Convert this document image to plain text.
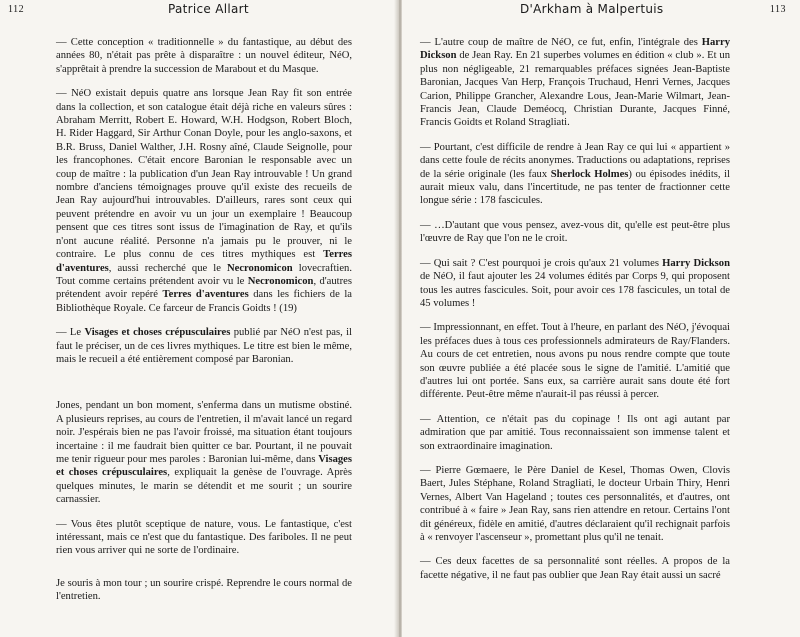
112	Patrice Allart

— Cette conception « traditionnelle » du fantastique, au début des années 80, n'était pas prête à disparaître : un nouvel éditeur, NéO, s'apprêtait à prendre la succession de Marabout et du Masque.

— NéO existait depuis quatre ans lorsque Jean Ray fit son entrée dans la collection, et son catalogue était déjà riche en valeurs sûres : Abraham Merritt, Robert E. Howard, W.H. Hodgson, Robert Bloch, H. Rider Haggard, Sir Arthur Conan Doyle, pour les anglo-saxons, et B.R. Bruss, Daniel Walther, J.H. Rosny aîné, Claude Seignolle, pour les francophones. C'était encore Baronian le responsable avec un coup de maître : la publication d'un Jean Ray introuvable ! Un grand nombre d'anciens témoignages prouve qu'il existe des recueils de Jean Ray aujourd'hui introuvables. D'ailleurs, rares sont ceux qui peuvent prétendre en avoir vu un jour un exemplaire ! Beaucoup pensent que ces titres sont issus de l'imagination de Ray, et qu'ils n'ont aucune réalité. Personne n'a jamais pu le prouver, ni le contraire. Le plus connu de ces titres mythiques est Terres d'aventures, aussi recherché que le Necronomicon lovecraftien. Tout comme certains prétendent avoir vu le Necronomicon, d'autres prétendent avoir repéré Terres d'aventures dans les fichiers de la Bibliothèque Royale. Ce farceur de Francis Goidts ! (19)

— Le Visages et choses crépusculaires publié par NéO n'est pas, il faut le préciser, un de ces livres mythiques. Le titre est bien le même, mais le recueil a été entièrement composé par Baronian.

Jones, pendant un bon moment, s'enferma dans un mutisme obstiné. A plusieurs reprises, au cours de l'entretien, il m'avait lancé un regard noir. J'espérais bien ne pas l'avoir froissé, ma situation étant toujours incertaine : il me faudrait bien quitter ce bar. Pourtant, il ne pouvait me tenir rigueur pour mes paroles : Baronian lui-même, dans Visages et choses crépusculaires, expliquait la genèse de l'ouvrage. Après quelques minutes, le marin se détendit et me sourit ; un sourire carnassier.

— Vous êtes plutôt sceptique de nature, vous. Le fantastique, c'est intéressant, mais ce n'est que du fantastique. Des fariboles. Il ne peut rien vous arriver qui ne sorte de l'ordinaire.

Je souris à mon tour ; un sourire crispé. Reprendre le cours normal de l'entretien.

D'Arkham à Malpertuis	113

— L'autre coup de maître de NéO, ce fut, enfin, l'intégrale des Harry Dickson de Jean Ray. En 21 superbes volumes en édition « club ». Et un plus non négligeable, 21 remarquables préfaces signées Jean-Baptiste Baronian, Jacques Van Herp, François Truchaud, Henri Vernes, Jacques Carion, Philippe Grancher, Alexandre Lous, Jean-Marie Wilmart, Jean-Francis Jean, Claude Deméocq, Christian Durante, Jacques Finné, Francis Goidts et Roland Stragliati.

— Pourtant, c'est difficile de rendre à Jean Ray ce qui lui « appartient » dans cette foule de récits anonymes. Traductions ou adaptations, reprises de la série originale (les faux Sherlock Holmes) ou épisodes inédits, il aurait mieux valu, dans l'incertitude, ne pas tenter de fractionner cette longue série : 178 fascicules.

— …D'autant que vous pensez, avez-vous dit, qu'elle est peut-être plus l'œuvre de Ray que l'on ne le croit.

— Qui sait ? C'est pourquoi je crois qu'aux 21 volumes Harry Dickson de NéO, il faut ajouter les 24 volumes édités par Corps 9, qui proposent tous les autres fascicules. Soit, pour avoir ces 178 fascicules, un total de 45 volumes !

— Impressionnant, en effet. Tout à l'heure, en parlant des NéO, j'évoquai les préfaces dues à tous ces professionnels admirateurs de Ray/Flanders. Au cours de cet entretien, nous avons pu nous rendre compte que toute son œuvre publiée a été placée sous le signe de l'amitié. L'amitié que d'autres lui ont portée. Sans eux, sa carrière aurait sans doute été fort différente. Peut-être même n'aurait-il pas réussi à percer.

— Attention, ce n'était pas du copinage ! Ils ont agi autant par admiration que par amitié. Tous reconnaissaient son immense talent et son extraordinaire imagination.

— Pierre Gœmaere, le Père Daniel de Kesel, Thomas Owen, Clovis Baert, Jules Stéphane, Roland Stragliati, le docteur Urbain Thiry, Henri Vernes, Albert Van Hageland ; toutes ces personnalités, et d'autres, ont contribué à « faire » Jean Ray, sans rien attendre en retour. Certains l'ont dit généreux, fidèle en amitié, d'autres déclaraient qu'il rechignait parfois à « renvoyer l'ascenseur », promettant plus qu'il ne tenait.

— Ces deux facettes de sa personnalité sont réelles. A propos de la facette négative, il ne faut pas oublier que Jean Ray était aussi un sacré
